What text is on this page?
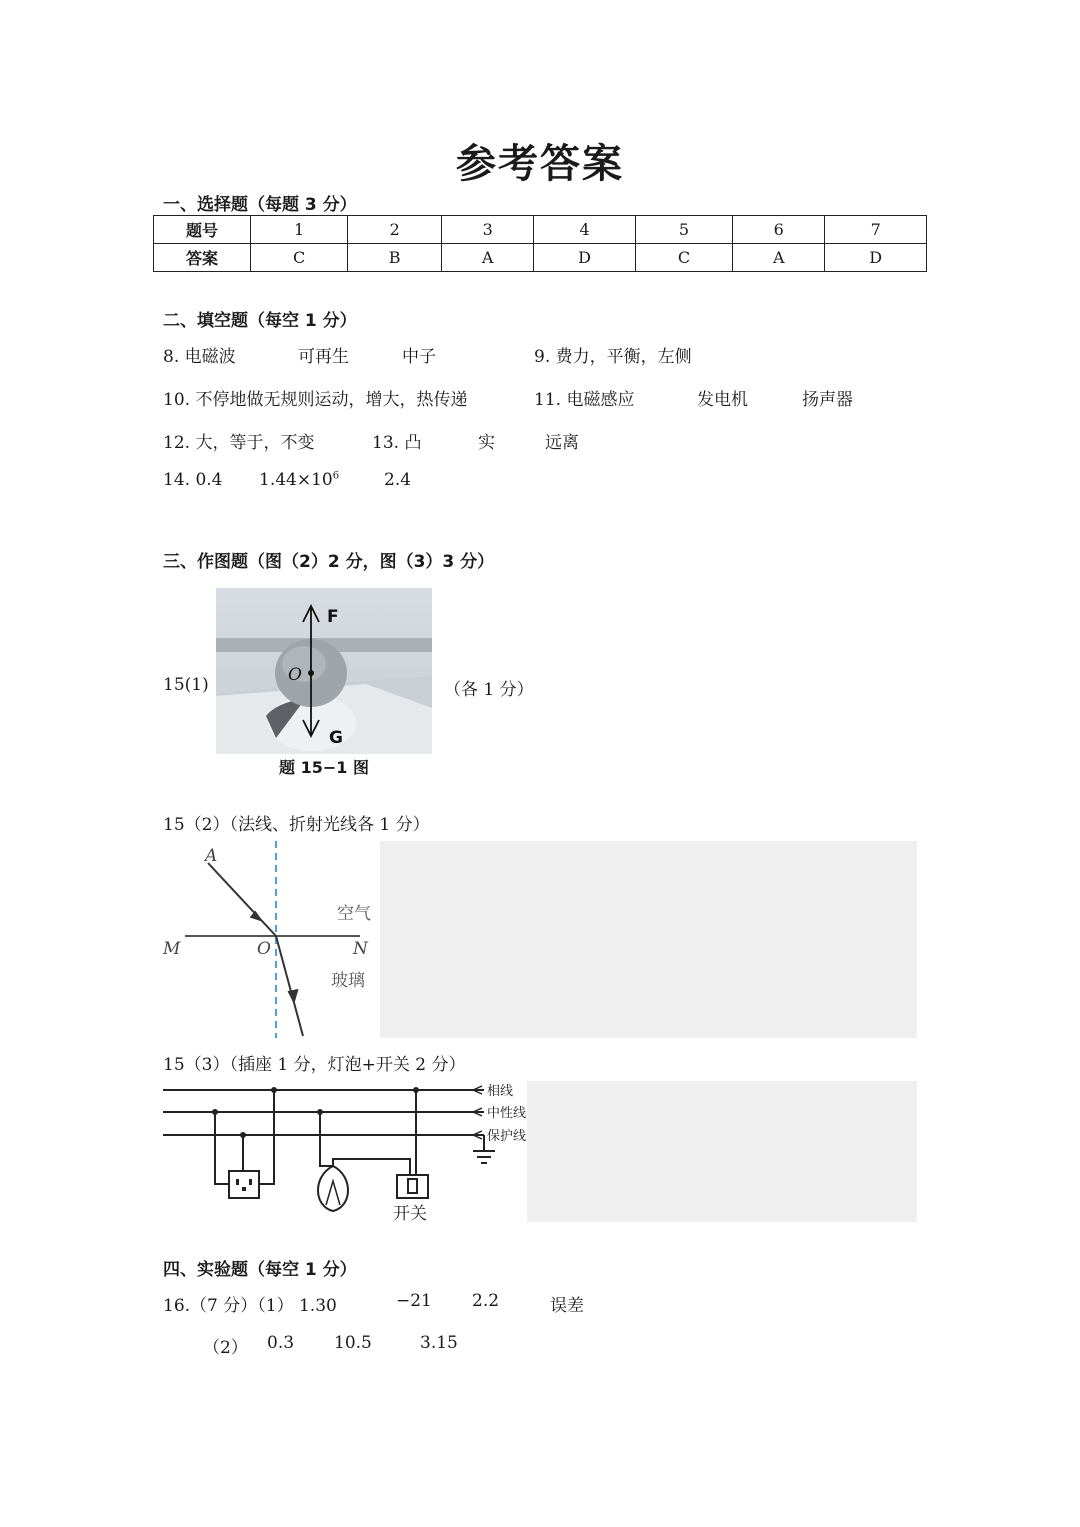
参考答案
一、选择题（每题 3 分）
题号	1	2	3	4	5	6	7
答案	C	B	A	D	C	A	D
二、填空题（每空 1 分）
8. 电磁波	可再生	中子	9. 费力，平衡，左侧
10. 不停地做无规则运动，增大，热传递	11. 电磁感应	发电机	扬声器
12. 大，等于，不变	13. 凸	实	远离
14. 0.4 $1.44\times 10^6$	2.4
三、作图题（图（2）2 分，图（3）3 分）
15(1)	（各 1 分）
F
O
G
题 15−1 图
15（2）（法线、折射光线各 1 分）
A
M	O	N
空气
玻璃
15（3）（插座 1 分，灯泡+开关 2 分）
相线
中性线
保护线
开关
四、实验题（每空 1 分）
16.（7 分）（1） 1.30	−21 2.2	误差
（2） 0.3 10.5	3.15
